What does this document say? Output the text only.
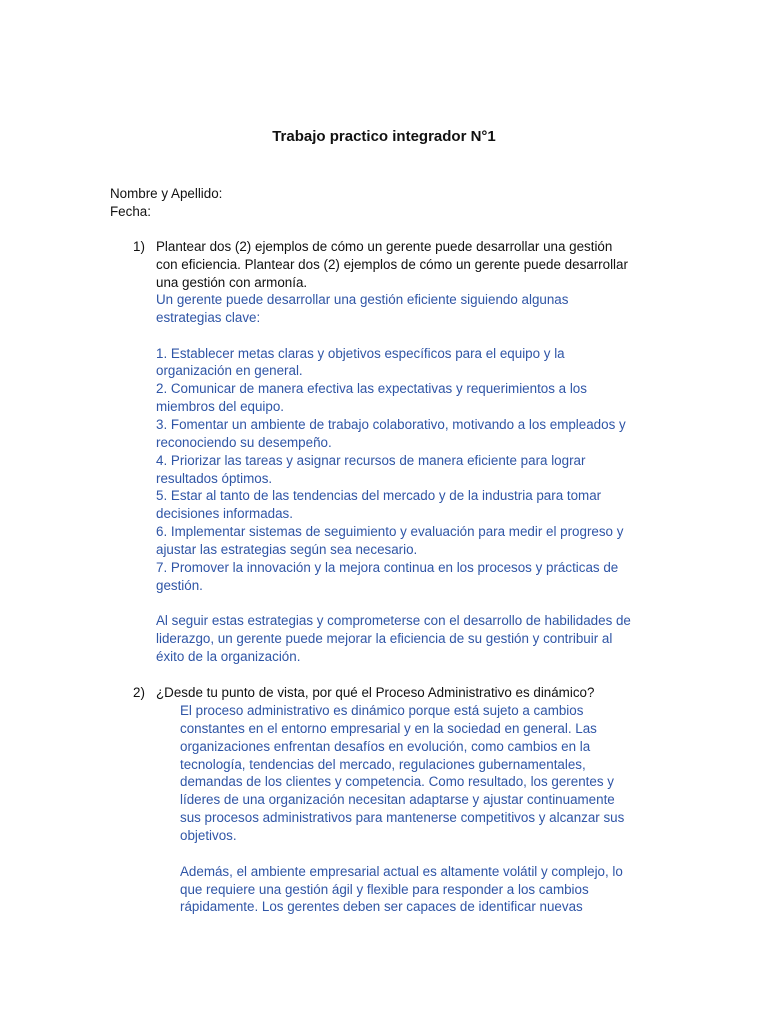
Trabajo practico integrador N°1
Nombre y Apellido:
Fecha:
1) Plantear dos (2) ejemplos de cómo un gerente puede desarrollar una gestión
con eficiencia. Plantear dos (2) ejemplos de cómo un gerente puede desarrollar
una gestión con armonía.
Un gerente puede desarrollar una gestión eficiente siguiendo algunas
estrategias clave:
1. Establecer metas claras y objetivos específicos para el equipo y la
organización en general.
2. Comunicar de manera efectiva las expectativas y requerimientos a los
miembros del equipo.
3. Fomentar un ambiente de trabajo colaborativo, motivando a los empleados y
reconociendo su desempeño.
4. Priorizar las tareas y asignar recursos de manera eficiente para lograr
resultados óptimos.
5. Estar al tanto de las tendencias del mercado y de la industria para tomar
decisiones informadas.
6. Implementar sistemas de seguimiento y evaluación para medir el progreso y
ajustar las estrategias según sea necesario.
7. Promover la innovación y la mejora continua en los procesos y prácticas de
gestión.
Al seguir estas estrategias y comprometerse con el desarrollo de habilidades de
liderazgo, un gerente puede mejorar la eficiencia de su gestión y contribuir al
éxito de la organización.
2) ¿Desde tu punto de vista, por qué el Proceso Administrativo es dinámico?
El proceso administrativo es dinámico porque está sujeto a cambios
constantes en el entorno empresarial y en la sociedad en general. Las
organizaciones enfrentan desafíos en evolución, como cambios en la
tecnología, tendencias del mercado, regulaciones gubernamentales,
demandas de los clientes y competencia. Como resultado, los gerentes y
líderes de una organización necesitan adaptarse y ajustar continuamente
sus procesos administrativos para mantenerse competitivos y alcanzar sus
objetivos.
Además, el ambiente empresarial actual es altamente volátil y complejo, lo
que requiere una gestión ágil y flexible para responder a los cambios
rápidamente. Los gerentes deben ser capaces de identificar nuevas
